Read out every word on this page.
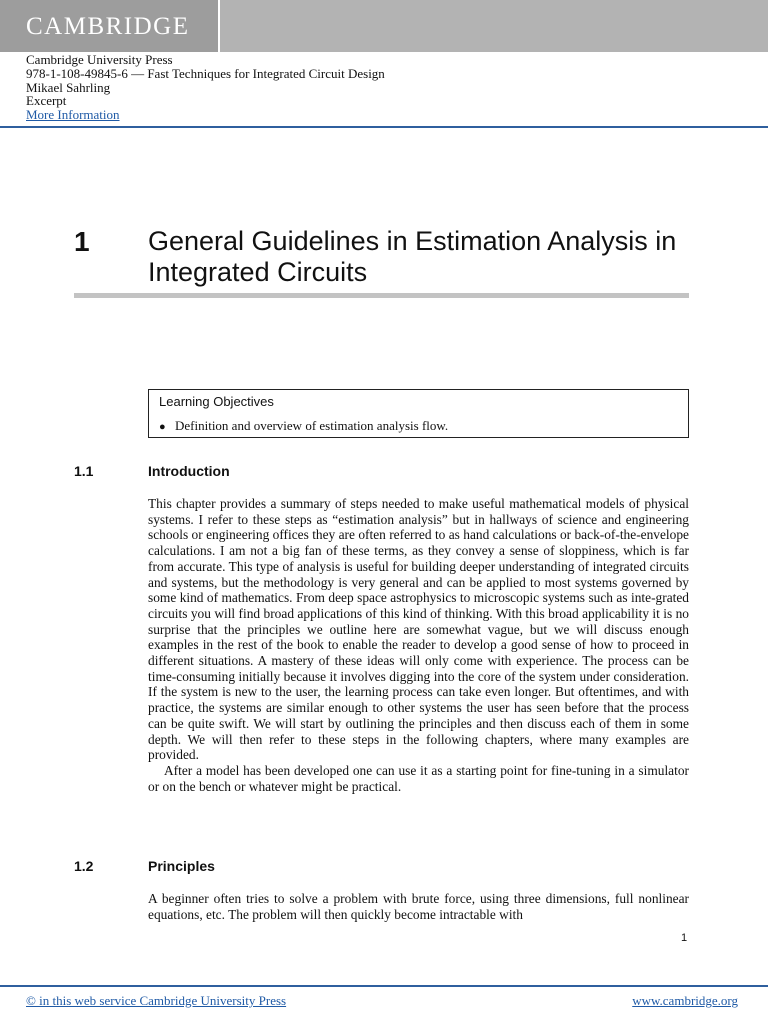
CAMBRIDGE
Cambridge University Press
978-1-108-49845-6 — Fast Techniques for Integrated Circuit Design
Mikael Sahrling
Excerpt
More Information
1 General Guidelines in Estimation Analysis in Integrated Circuits
Learning Objectives
● Definition and overview of estimation analysis flow.
1.1	Introduction

This chapter provides a summary of steps needed to make useful mathematical models of physical systems. I refer to these steps as “estimation analysis” but in hallways of science and engineering schools or engineering offices they are often referred to as hand calculations or back-of-the-envelope calculations. I am not a big fan of these terms, as they convey a sense of sloppiness, which is far from accurate. This type of analysis is useful for building deeper understanding of integrated circuits and systems, but the methodology is very general and can be applied to most systems governed by some kind of mathematics. From deep space astrophysics to microscopic systems such as inte-grated circuits you will find broad applications of this kind of thinking. With this broad applicability it is no surprise that the principles we outline here are somewhat vague, but we will discuss enough examples in the rest of the book to enable the reader to develop a good sense of how to proceed in different situations. A mastery of these ideas will only come with experience. The process can be time-consuming initially because it involves digging into the core of the system under consideration. If the system is new to the user, the learning process can take even longer. But oftentimes, and with practice, the systems are similar enough to other systems the user has seen before that the process can be quite swift. We will start by outlining the principles and then discuss each of them in some depth. We will then refer to these steps in the following chapters, where many examples are provided.

After a model has been developed one can use it as a starting point for fine-tuning in a simulator or on the bench or whatever might be practical.

1.2	Principles

A beginner often tries to solve a problem with brute force, using three dimensions, full nonlinear equations, etc. The problem will then quickly become intractable with

1
© in this web service Cambridge University Press	www.cambridge.org
